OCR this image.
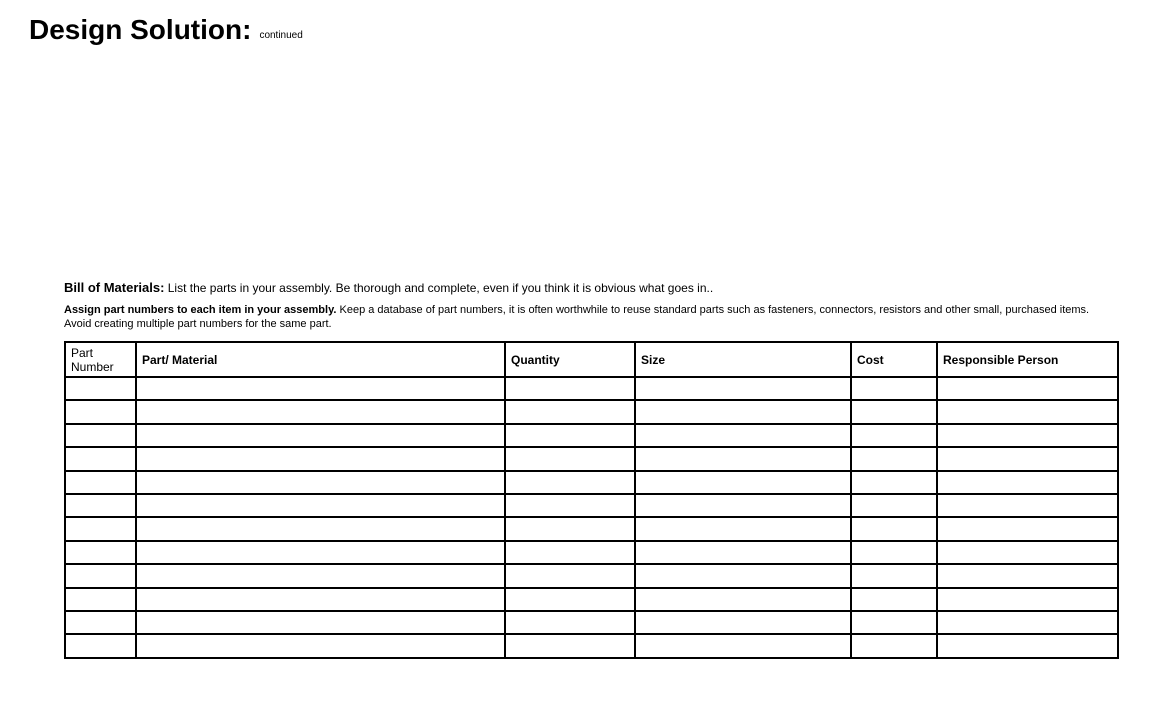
Design Solution: continued

Bill of Materials: List the parts in your assembly. Be thorough and complete, even if you think it is obvious what goes in..

Assign part numbers to each item in your assembly. Keep a database of part numbers, it is often worthwhile to reuse standard parts such as fasteners, connectors, resistors and other small, purchased items. Avoid creating multiple part numbers for the same part.

Part Number	Part/ Material	Quantity	Size	Cost	Responsible Person
